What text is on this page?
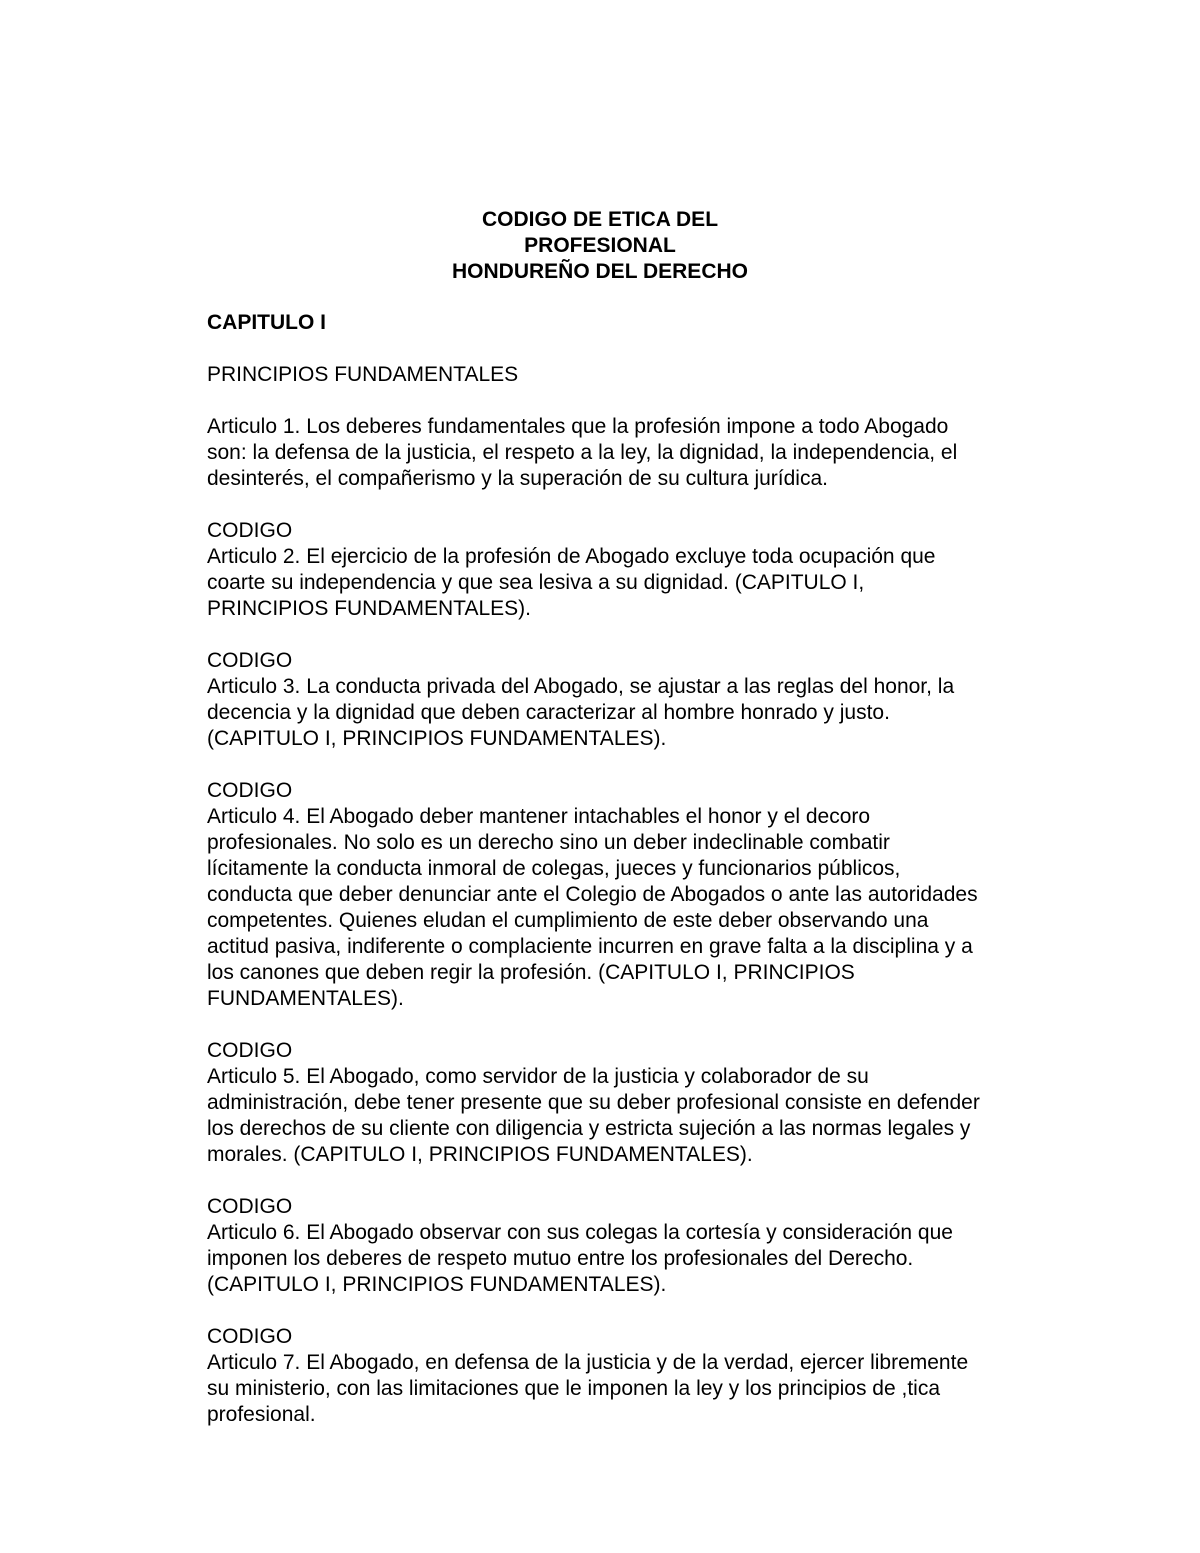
CODIGO DE ETICA DEL
PROFESIONAL
HONDUREÑO DEL DERECHO
CAPITULO I
PRINCIPIOS FUNDAMENTALES
Articulo 1. Los deberes fundamentales que la profesión impone a todo Abogado
son: la defensa de la justicia, el respeto a la ley, la dignidad, la independencia, el
desinterés, el compañerismo y la superación de su cultura jurídica.
CODIGO
Articulo 2. El ejercicio de la profesión de Abogado excluye toda ocupación que
coarte su independencia y que sea lesiva a su dignidad. (CAPITULO I,
PRINCIPIOS FUNDAMENTALES).
CODIGO
Articulo 3. La conducta privada del Abogado, se ajustar a las reglas del honor, la
decencia y la dignidad que deben caracterizar al hombre honrado y justo.
(CAPITULO I, PRINCIPIOS FUNDAMENTALES).
CODIGO
Articulo 4. El Abogado deber mantener intachables el honor y el decoro
profesionales. No solo es un derecho sino un deber indeclinable combatir
lícitamente la conducta inmoral de colegas, jueces y funcionarios públicos,
conducta que deber denunciar ante el Colegio de Abogados o ante las autoridades
competentes. Quienes eludan el cumplimiento de este deber observando una
actitud pasiva, indiferente o complaciente incurren en grave falta a la disciplina y a
los canones que deben regir la profesión. (CAPITULO I, PRINCIPIOS
FUNDAMENTALES).
CODIGO
Articulo 5. El Abogado, como servidor de la justicia y colaborador de su
administración, debe tener presente que su deber profesional consiste en defender
los derechos de su cliente con diligencia y estricta sujeción a las normas legales y
morales. (CAPITULO I, PRINCIPIOS FUNDAMENTALES).
CODIGO
Articulo 6. El Abogado observar con sus colegas la cortesía y consideración que
imponen los deberes de respeto mutuo entre los profesionales del Derecho.
(CAPITULO I, PRINCIPIOS FUNDAMENTALES).
CODIGO
Articulo 7. El Abogado, en defensa de la justicia y de la verdad, ejercer libremente
su ministerio, con las limitaciones que le imponen la ley y los principios de ,tica
profesional.
